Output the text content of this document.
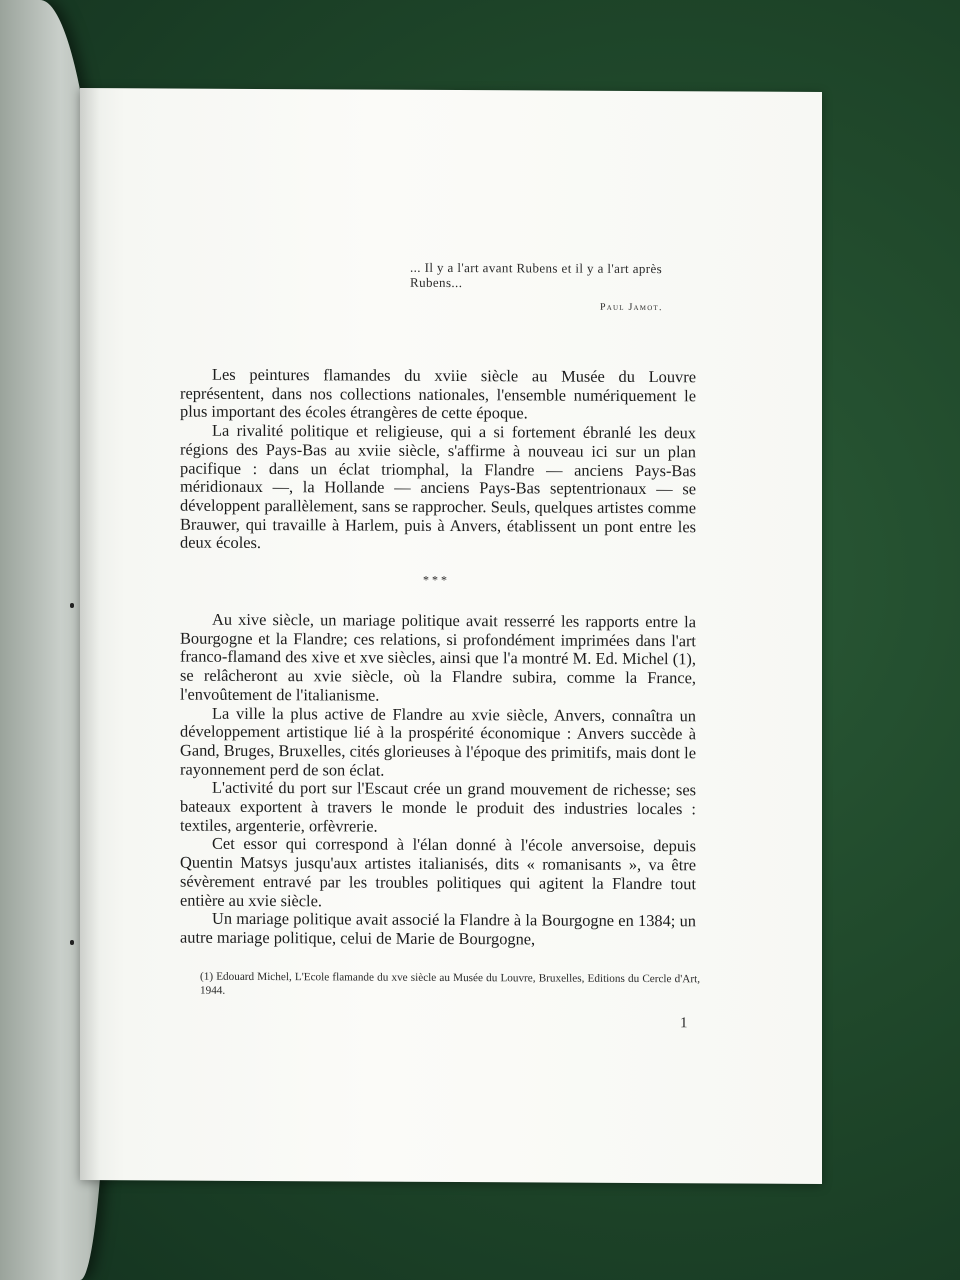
... Il y a l'art avant Rubens et il y a l'art après Rubens...
Paul Jamot.

Les peintures flamandes du xviie siècle au Musée du Louvre représentent, dans nos collections nationales, l'ensemble numériquement le plus important des écoles étrangères de cette époque.

La rivalité politique et religieuse, qui a si fortement ébranlé les deux régions des Pays-Bas au xviie siècle, s'affirme à nouveau ici sur un plan pacifique : dans un éclat triomphal, la Flandre — anciens Pays-Bas méridionaux —, la Hollande — anciens Pays-Bas septentrionaux — se développent parallèlement, sans se rapprocher. Seuls, quelques artistes comme Brauwer, qui travaille à Harlem, puis à Anvers, établissent un pont entre les deux écoles.

* * *

Au xive siècle, un mariage politique avait resserré les rapports entre la Bourgogne et la Flandre; ces relations, si profondément imprimées dans l'art franco-flamand des xive et xve siècles, ainsi que l'a montré M. Ed. Michel (1), se relâcheront au xvie siècle, où la Flandre subira, comme la France, l'envoûtement de l'italianisme.

La ville la plus active de Flandre au xvie siècle, Anvers, connaîtra un développement artistique lié à la prospérité économique : Anvers succède à Gand, Bruges, Bruxelles, cités glorieuses à l'époque des primitifs, mais dont le rayonnement perd de son éclat.

L'activité du port sur l'Escaut crée un grand mouvement de richesse; ses bateaux exportent à travers le monde le produit des industries locales : textiles, argenterie, orfèvrerie.

Cet essor qui correspond à l'élan donné à l'école anversoise, depuis Quentin Matsys jusqu'aux artistes italianisés, dits « romanisants », va être sévèrement entravé par les troubles politiques qui agitent la Flandre tout entière au xvie siècle.

Un mariage politique avait associé la Flandre à la Bourgogne en 1384; un autre mariage politique, celui de Marie de Bourgogne,

(1) Edouard Michel, L'Ecole flamande du xve siècle au Musée du Louvre, Bruxelles, Editions du Cercle d'Art, 1944.
1
